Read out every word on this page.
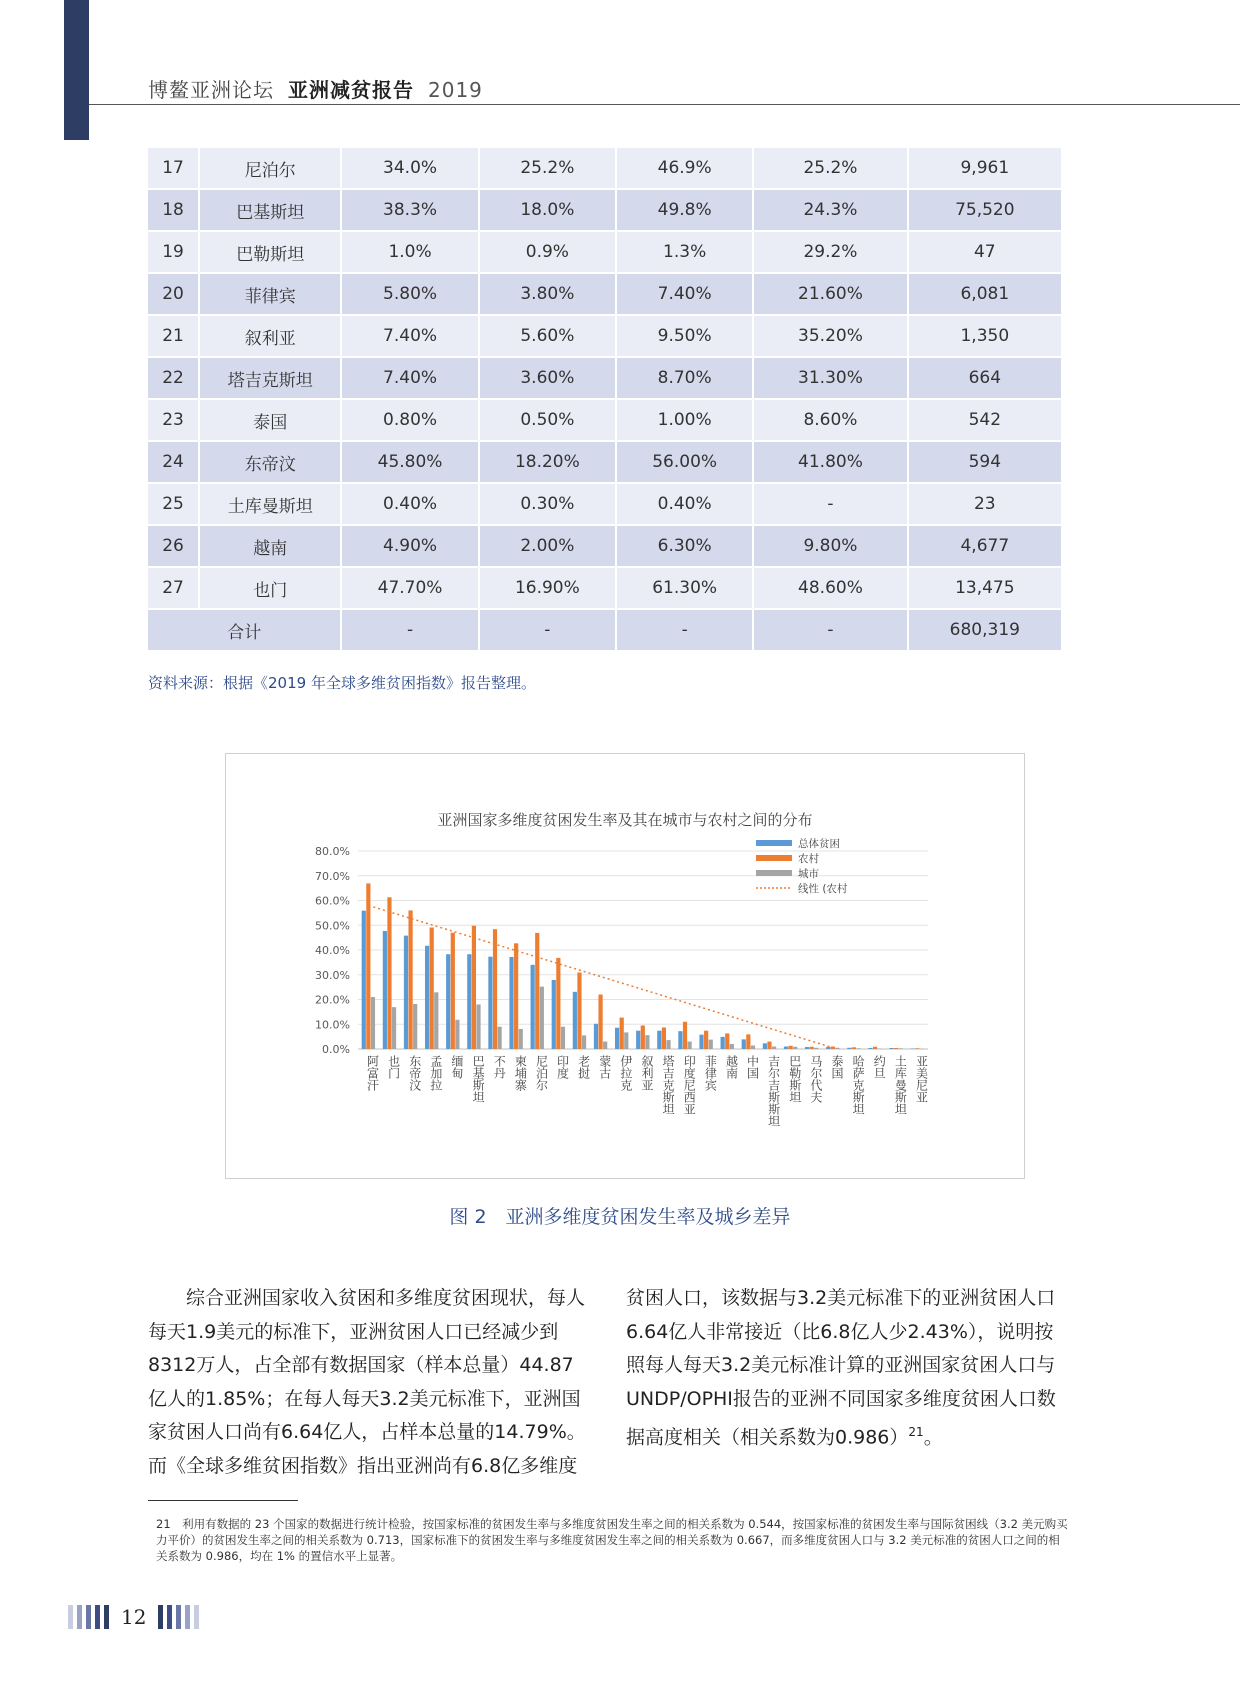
博鳌亚洲论坛 亚洲减贫报告 2019
17	尼泊尔	34.0%	25.2%	46.9%	25.2%	9,961
18	巴基斯坦	38.3%	18.0%	49.8%	24.3%	75,520
19	巴勒斯坦	1.0%	0.9%	1.3%	29.2%	47
20	菲律宾	5.80%	3.80%	7.40%	21.60%	6,081
21	叙利亚	7.40%	5.60%	9.50%	35.20%	1,350
22	塔吉克斯坦	7.40%	3.60%	8.70%	31.30%	664
23	泰国	0.80%	0.50%	1.00%	8.60%	542
24	东帝汶	45.80%	18.20%	56.00%	41.80%	594
25	土库曼斯坦	0.40%	0.30%	0.40%	-	23
26	越南	4.90%	2.00%	6.30%	9.80%	4,677
27	也门	47.70%	16.90%	61.30%	48.60%	13,475
合计		-	-	-	-	680,319
资料来源：根据《2019 年全球多维贫困指数》报告整理。
亚洲国家多维度贫困发生率及其在城市与农村之间的分布
0.0%
10.0%
20.0%
30.0%
40.0%
50.0%
60.0%
70.0%
80.0%
阿富汗 也门 东帝汶 孟加拉 缅甸 巴基斯坦 不丹 柬埔寨 尼泊尔 印度 老挝 蒙古 伊拉克 叙利亚 塔吉克斯坦 印度尼西亚 菲律宾 越南 中国 吉尔吉斯斯坦 巴勒斯坦 马尔代夫 泰国 哈萨克斯坦 约旦 土库曼斯坦 亚美尼亚
总体贫困
农村
城市
线性 (农村
图 2　亚洲多维度贫困发生率及城乡差异

综合亚洲国家收入贫困和多维度贫困现状，每人每天1.9美元的标准下，亚洲贫困人口已经减少到8312万人，占全部有数据国家（样本总量）44.87亿人的1.85%；在每人每天3.2美元标准下，亚洲国家贫困人口尚有6.64亿人，占样本总量的14.79%。而《全球多维贫困指数》指出亚洲尚有6.8亿多维度

贫困人口，该数据与3.2美元标准下的亚洲贫困人口6.64亿人非常接近（比6.8亿人少2.43%），说明按照每人每天3.2美元标准计算的亚洲国家贫困人口与UNDP/OPHI报告的亚洲不同国家多维度贫困人口数据高度相关（相关系数为0.986）$^{21}$。

21　利用有数据的 23 个国家的数据进行统计检验，按国家标准的贫困发生率与多维度贫困发生率之间的相关系数为 0.544，按国家标准的贫困发生率与国际贫困线（3.2 美元购买力平价）的贫困发生率之间的相关系数为 0.713，国家标准下的贫困发生率与多维度贫困发生率之间的相关系数为 0.667，而多维度贫困人口与 3.2 美元标准的贫困人口之间的相关系数为 0.986，均在 1% 的置信水平上显著。
12
